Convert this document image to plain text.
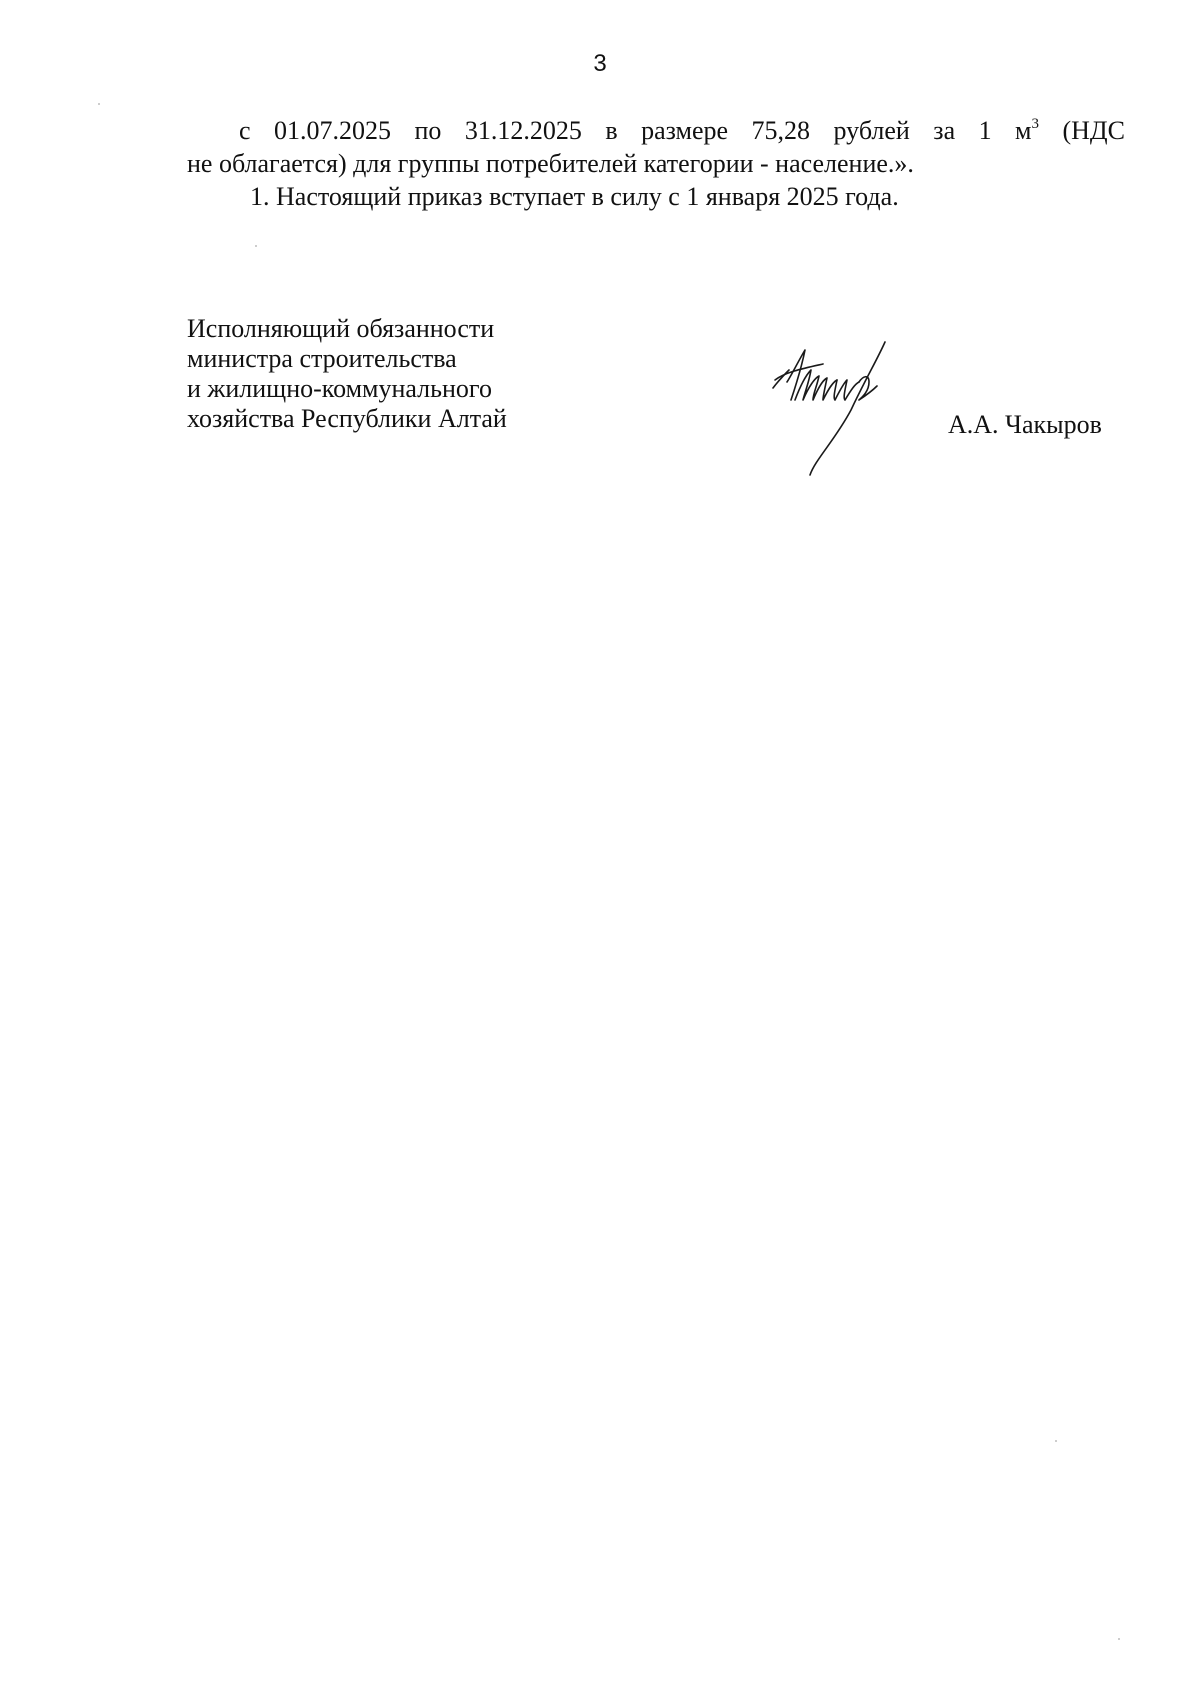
3
с 01.07.2025 по 31.12.2025 в размере 75,28 рублей за 1 $м^3$ (НДС
не облагается) для группы потребителей категории - население.».
1. Настоящий приказ вступает в силу с 1 января 2025 года.
Исполняющий обязанности
министра строительства
и жилищно-коммунального
хозяйства Республики Алтай	А.А. Чакыров
